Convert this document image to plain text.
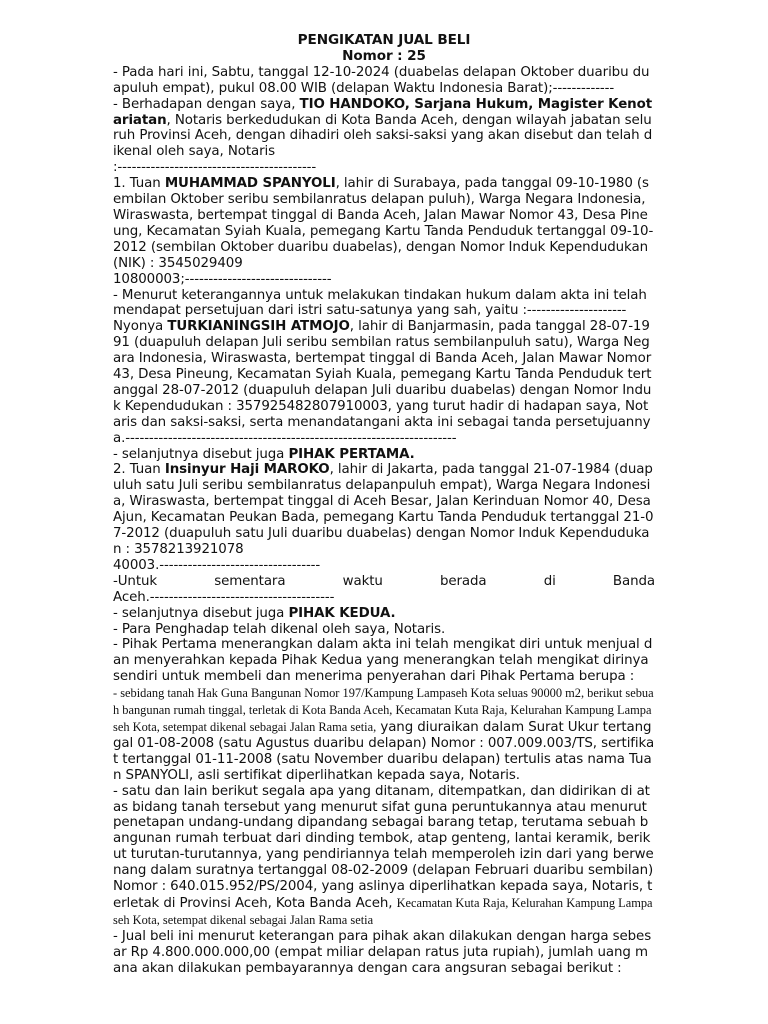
PENGIKATAN JUAL BELI
Nomor : 25

- Pada hari ini, Sabtu, tanggal 12-10-2024 (duabelas delapan Oktober duaribu duapuluh empat), pukul 08.00 WIB (delapan Waktu Indonesia Barat);-------------

- Berhadapan dengan saya, TIO HANDOKO, Sarjana Hukum, Magister Kenotariatan, Notaris berkedudukan di Kota Banda Aceh, dengan wilayah jabatan seluruh Provinsi Aceh, dengan dihadiri oleh saksi-saksi yang akan disebut dan telah dikenal oleh saya, Notaris

:------------------------------------------

1. Tuan MUHAMMAD SPANYOLI, lahir di Surabaya, pada tanggal 09-10-1980 (sembilan Oktober seribu sembilanratus delapan puluh), Warga Negara Indonesia, Wiraswasta, bertempat tinggal di Banda Aceh, Jalan Mawar Nomor 43, Desa Pineung, Kecamatan Syiah Kuala, pemegang Kartu Tanda Penduduk tertanggal 09-10-2012 (sembilan Oktober duaribu duabelas), dengan Nomor Induk Kependudukan (NIK) : 3545029409

10800003;-------------------------------

- Menurut keterangannya untuk melakukan tindakan hukum dalam akta ini telah mendapat persetujuan dari istri satu-satunya yang sah, yaitu :---------------------

Nyonya TURKIANINGSIH ATMOJO, lahir di Banjarmasin, pada tanggal 28-07-1991 (duapuluh delapan Juli seribu sembilan ratus sembilanpuluh satu), Warga Negara Indonesia, Wiraswasta, bertempat tinggal di Banda Aceh, Jalan Mawar Nomor 43, Desa Pineung, Kecamatan Syiah Kuala, pemegang Kartu Tanda Penduduk tertanggal 28-07-2012 (duapuluh delapan Juli duaribu duabelas) dengan Nomor Induk Kependudukan : 357925482807910003, yang turut hadir di hadapan saya, Notaris dan saksi-saksi, serta menandatangani akta ini sebagai tanda persetujuannya.----------------------------------------------------------------------

- selanjutnya disebut juga PIHAK PERTAMA.

2. Tuan Insinyur Haji MAROKO, lahir di Jakarta, pada tanggal 21-07-1984 (duapuluh satu Juli seribu sembilanratus delapanpuluh empat), Warga Negara Indonesia, Wiraswasta, bertempat tinggal di Aceh Besar, Jalan Kerinduan Nomor 40, Desa Ajun, Kecamatan Peukan Bada, pemegang Kartu Tanda Penduduk tertanggal 21-07-2012 (duapuluh satu Juli duaribu duabelas) dengan Nomor Induk Kependudukan : 3578213921078

40003.----------------------------------

-Untuk sementara waktu berada di Banda

Aceh.---------------------------------------

- selanjutnya disebut juga PIHAK KEDUA.

- Para Penghadap telah dikenal oleh saya, Notaris.

- Pihak Pertama menerangkan dalam akta ini telah mengikat diri untuk menjual dan menyerahkan kepada Pihak Kedua yang menerangkan telah mengikat dirinya sendiri untuk membeli dan menerima penyerahan dari Pihak Pertama berupa :

- sebidang tanah Hak Guna Bangunan Nomor 197/Kampung Lampaseh Kota seluas 90000 m2, berikut sebuah bangunan rumah tinggal, terletak di Kota Banda Aceh, Kecamatan Kuta Raja, Kelurahan Kampung Lampaseh Kota, setempat dikenal sebagai Jalan Rama setia, yang diuraikan dalam Surat Ukur tertanggal 01-08-2008 (satu Agustus duaribu delapan) Nomor : 007.009.003/TS, sertifikat tertanggal 01-11-2008 (satu November duaribu delapan) tertulis atas nama Tuan SPANYOLI, asli sertifikat diperlihatkan kepada saya, Notaris.

- satu dan lain berikut segala apa yang ditanam, ditempatkan, dan didirikan di atas bidang tanah tersebut yang menurut sifat guna peruntukannya atau menurut penetapan undang-undang dipandang sebagai barang tetap, terutama sebuah bangunan rumah terbuat dari dinding tembok, atap genteng, lantai keramik, berikut turutan-turutannya, yang pendiriannya telah memperoleh izin dari yang berwenang dalam suratnya tertanggal 08-02-2009 (delapan Februari duaribu sembilan) Nomor : 640.015.952/PS/2004, yang aslinya diperlihatkan kepada saya, Notaris, terletak di Provinsi Aceh, Kota Banda Aceh, Kecamatan Kuta Raja, Kelurahan Kampung Lampaseh Kota, setempat dikenal sebagai Jalan Rama setia

- Jual beli ini menurut keterangan para pihak akan dilakukan dengan harga sebesar Rp 4.800.000.000,00 (empat miliar delapan ratus juta rupiah), jumlah uang mana akan dilakukan pembayarannya dengan cara angsuran sebagai berikut :
